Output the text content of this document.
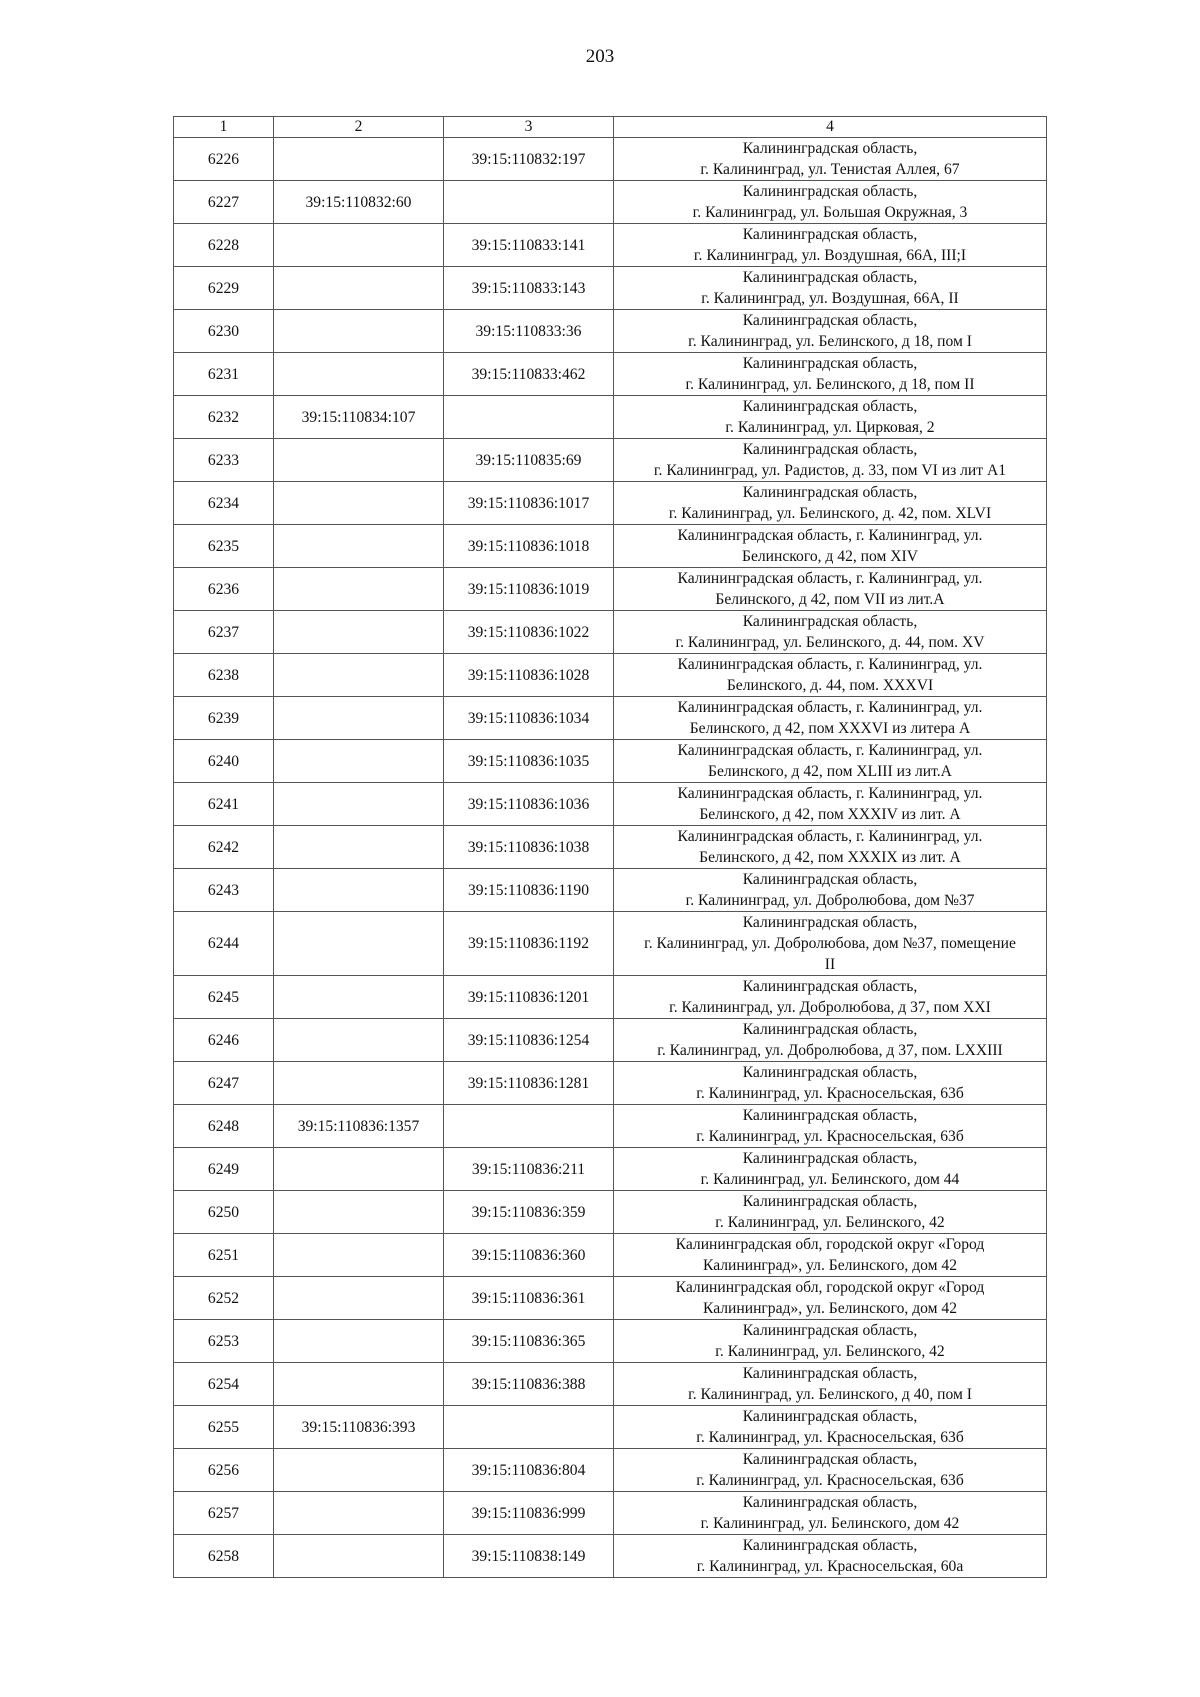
203
1	2	3	4
6226		39:15:110832:197	Калининградская область,
г. Калининград, ул. Тенистая Аллея, 67

6227	39:15:110832:60		Калининградская область,
г. Калининград, ул. Большая Окружная, 3

6228		39:15:110833:141	Калининградская область,
г. Калининград, ул. Воздушная, 66А, III;I

6229		39:15:110833:143	Калининградская область,
г. Калининград, ул. Воздушная, 66А, II

6230		39:15:110833:36	Калининградская область,
г. Калининград, ул. Белинского, д 18, пом I

6231		39:15:110833:462	Калининградская область,
г. Калининград, ул. Белинского, д 18, пом II

6232	39:15:110834:107		Калининградская область,
г. Калининград, ул. Цирковая, 2

6233		39:15:110835:69	Калининградская область,
г. Калининград, ул. Радистов, д. 33, пом VI из лит А1

6234		39:15:110836:1017	Калининградская область,
г. Калининград, ул. Белинского, д. 42, пом. XLVI

6235		39:15:110836:1018	Калининградская область, г. Калининград, ул.
Белинского, д 42, пом XIV

6236		39:15:110836:1019	Калининградская область, г. Калининград, ул.
Белинского, д 42, пом VII из лит.А

6237		39:15:110836:1022	Калининградская область,
г. Калининград, ул. Белинского, д. 44, пом. XV

6238		39:15:110836:1028	Калининградская область, г. Калининград, ул.
Белинского, д. 44, пом. XXXVI

6239		39:15:110836:1034	Калининградская область, г. Калининград, ул.
Белинского, д 42, пом XXXVI из литера А

6240		39:15:110836:1035	Калининградская область, г. Калининград, ул.
Белинского, д 42, пом XLIII из лит.А

6241		39:15:110836:1036	Калининградская область, г. Калининград, ул.
Белинского, д 42, пом XXXIV из лит. А

6242		39:15:110836:1038	Калининградская область, г. Калининград, ул.
Белинского, д 42, пом XXXIX из лит. А

6243		39:15:110836:1190	Калининградская область,
г. Калининград, ул. Добролюбова, дом №37

6244		39:15:110836:1192	Калининградская область,
г. Калининград, ул. Добролюбова, дом №37, помещение
II

6245		39:15:110836:1201	Калининградская область,
г. Калининград, ул. Добролюбова, д 37, пом XXI

6246		39:15:110836:1254	Калининградская область,
г. Калининград, ул. Добролюбова, д 37, пом. LXXIII

6247		39:15:110836:1281	Калининградская область,
г. Калининград, ул. Красносельская, 63б

6248	39:15:110836:1357		Калининградская область,
г. Калининград, ул. Красносельская, 63б

6249		39:15:110836:211	Калининградская область,
г. Калининград, ул. Белинского, дом 44

6250		39:15:110836:359	Калининградская область,
г. Калининград, ул. Белинского, 42

6251		39:15:110836:360	Калининградская обл, городской округ «Город
Калининград», ул. Белинского, дом 42

6252		39:15:110836:361	Калининградская обл, городской округ «Город
Калининград», ул. Белинского, дом 42

6253		39:15:110836:365	Калининградская область,
г. Калининград, ул. Белинского, 42

6254		39:15:110836:388	Калининградская область,
г. Калининград, ул. Белинского, д 40, пом I

6255	39:15:110836:393		Калининградская область,
г. Калининград, ул. Красносельская, 63б

6256		39:15:110836:804	Калининградская область,
г. Калининград, ул. Красносельская, 63б

6257		39:15:110836:999	Калининградская область,
г. Калининград, ул. Белинского, дом 42

6258		39:15:110838:149	Калининградская область,
г. Калининград, ул. Красносельская, 60а
